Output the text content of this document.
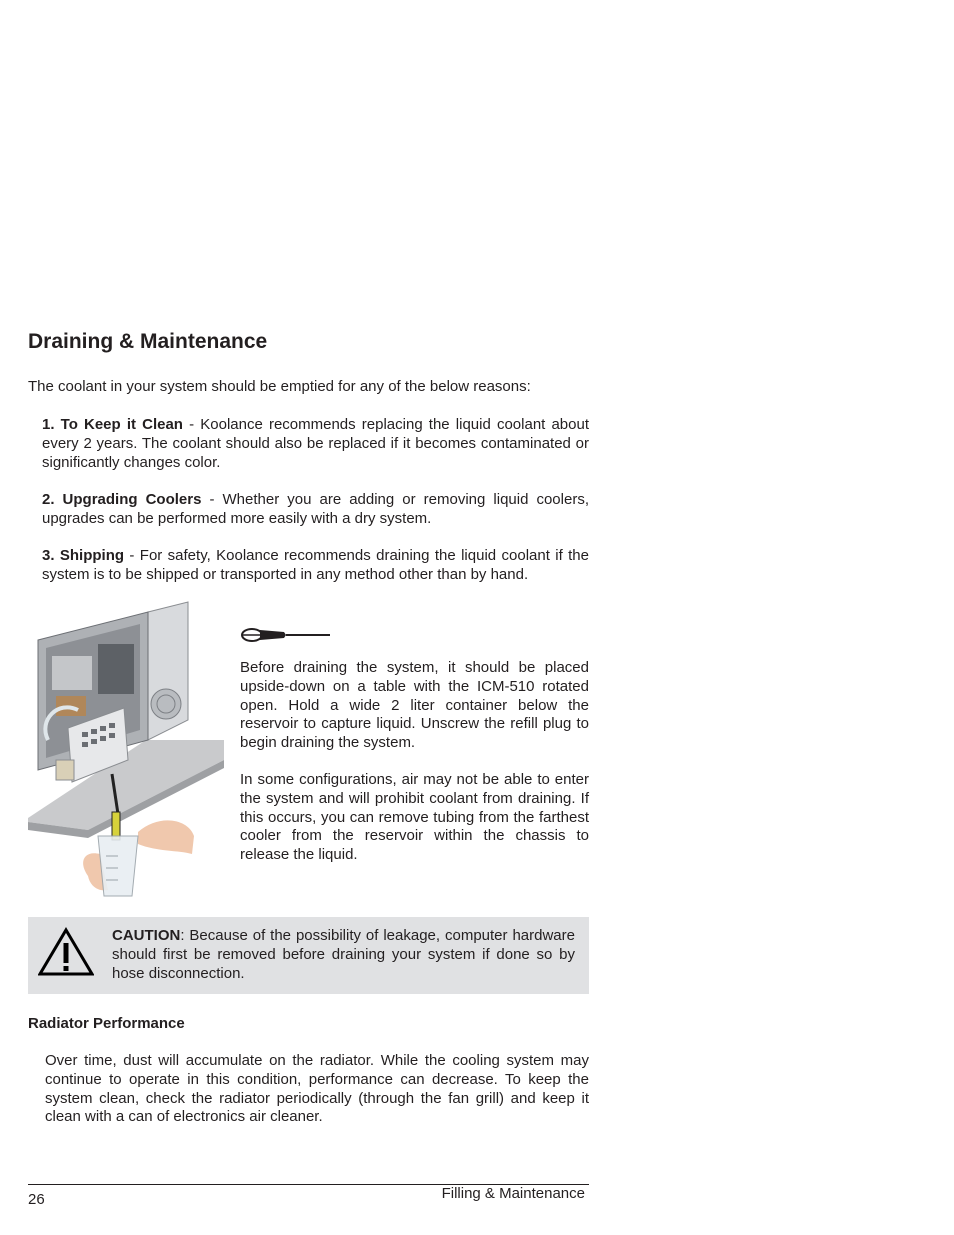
Draining & Maintenance
The coolant in your system should be emptied for any of the below reasons:
1. To Keep it Clean - Koolance recommends replacing the liquid coolant about every 2 years. The coolant should also be replaced if it becomes contaminated or significantly changes color.
2. Upgrading Coolers - Whether you are adding or removing liquid coolers, upgrades can be performed more easily with a dry system.
3. Shipping - For safety, Koolance recommends draining the liquid coolant if the system is to be shipped or transported in any method other than by hand.
Before draining the system, it should be placed upside-down on a table with the ICM-510 rotated open. Hold a wide 2 liter container below the reservoir to capture liquid. Unscrew the refill plug to begin draining the system.
In some configurations, air may not be able to enter the system and will prohibit coolant from draining. If this occurs, you can remove tubing from the farthest cooler from the reservoir within the chassis to release the liquid.
CAUTION: Because of the possibility of leakage, computer hardware should first be removed before draining your system if done so by hose disconnection.
Radiator Performance
Over time, dust will accumulate on the radiator. While the cooling system may continue to operate in this condition, performance can decrease. To keep the system clean, check the radiator periodically (through the fan grill) and keep it clean with a can of electronics air cleaner.
26	Filling & Maintenance
